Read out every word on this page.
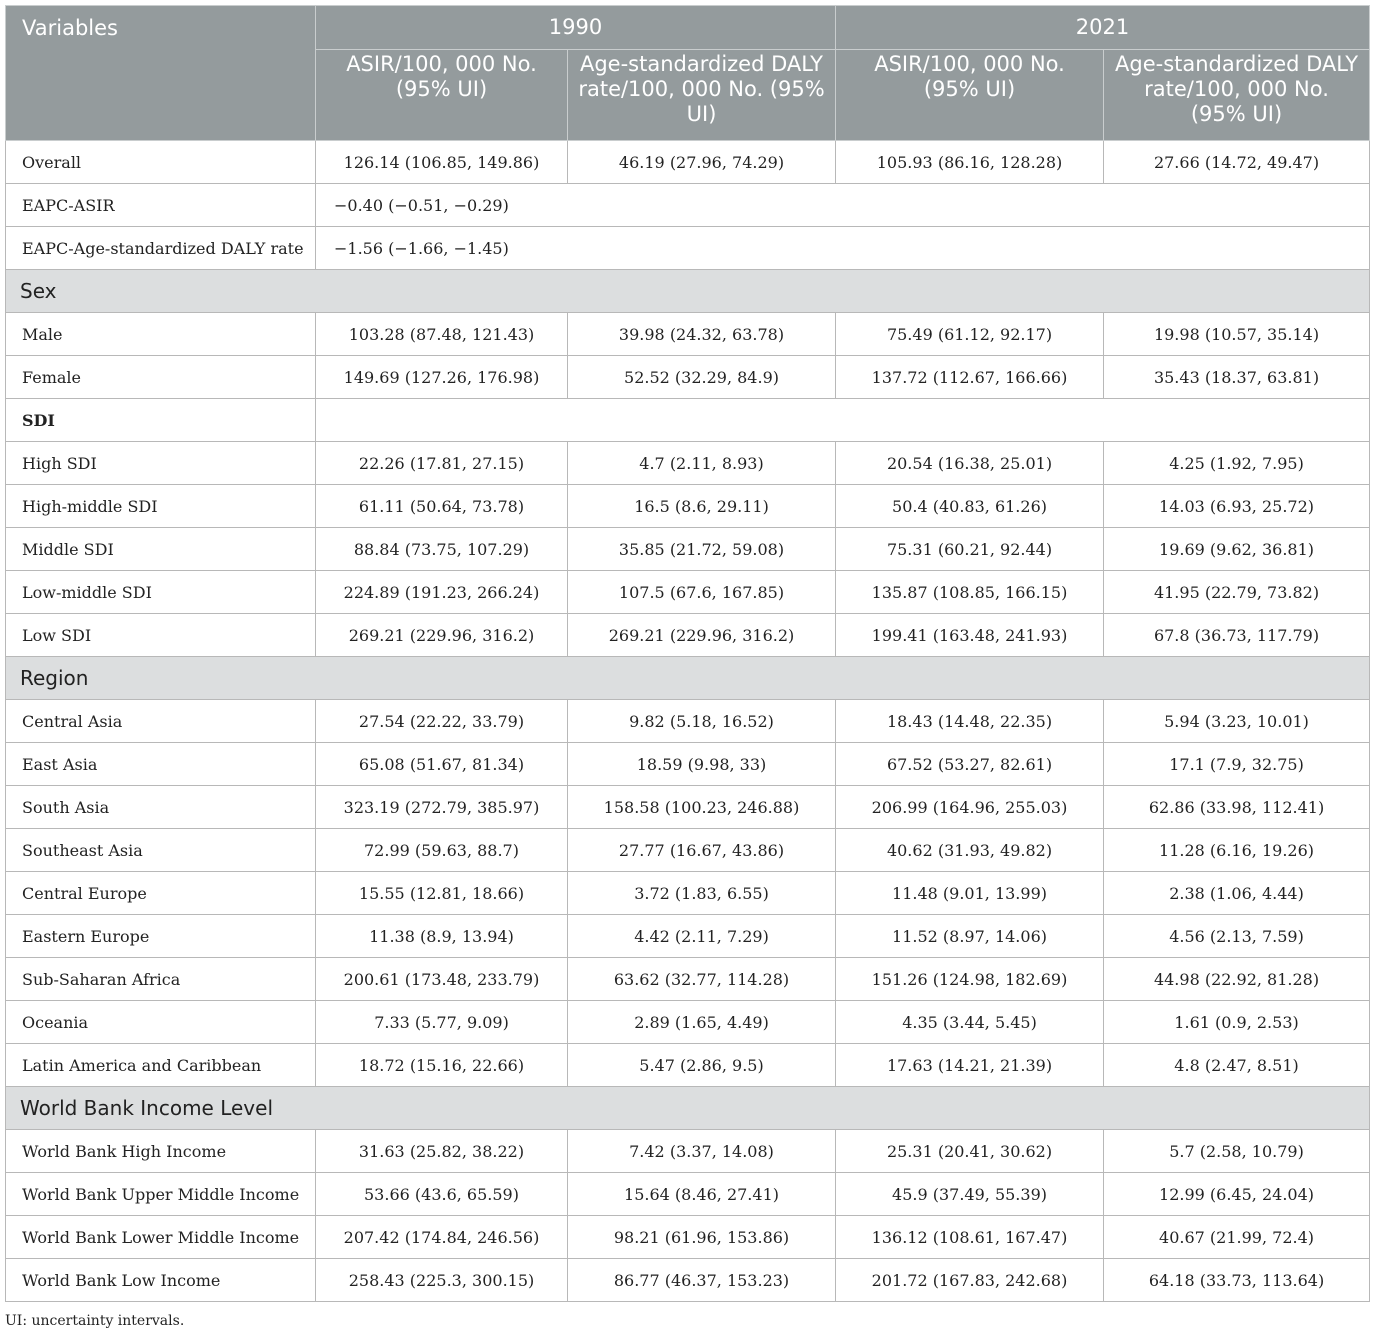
Variables	1990		2021	
	ASIR/100, 000 No. (95% UI)	Age-standardized DALY rate/100, 000 No. (95% UI)	ASIR/100, 000 No. (95% UI)	Age-standardized DALY rate/100, 000 No. (95% UI)
Overall	126.14 (106.85, 149.86)	46.19 (27.96, 74.29)	105.93 (86.16, 128.28)	27.66 (14.72, 49.47)
EAPC-ASIR	−0.40 (−0.51, −0.29)			
EAPC-Age-standardized DALY rate	−1.56 (−1.66, −1.45)			
Sex				
Male	103.28 (87.48, 121.43)	39.98 (24.32, 63.78)	75.49 (61.12, 92.17)	19.98 (10.57, 35.14)
Female	149.69 (127.26, 176.98)	52.52 (32.29, 84.9)	137.72 (112.67, 166.66)	35.43 (18.37, 63.81)
SDI				
High SDI	22.26 (17.81, 27.15)	4.7 (2.11, 8.93)	20.54 (16.38, 25.01)	4.25 (1.92, 7.95)
High-middle SDI	61.11 (50.64, 73.78)	16.5 (8.6, 29.11)	50.4 (40.83, 61.26)	14.03 (6.93, 25.72)
Middle SDI	88.84 (73.75, 107.29)	35.85 (21.72, 59.08)	75.31 (60.21, 92.44)	19.69 (9.62, 36.81)
Low-middle SDI	224.89 (191.23, 266.24)	107.5 (67.6, 167.85)	135.87 (108.85, 166.15)	41.95 (22.79, 73.82)
Low SDI	269.21 (229.96, 316.2)	269.21 (229.96, 316.2)	199.41 (163.48, 241.93)	67.8 (36.73, 117.79)
Region				
Central Asia	27.54 (22.22, 33.79)	9.82 (5.18, 16.52)	18.43 (14.48, 22.35)	5.94 (3.23, 10.01)
East Asia	65.08 (51.67, 81.34)	18.59 (9.98, 33)	67.52 (53.27, 82.61)	17.1 (7.9, 32.75)
South Asia	323.19 (272.79, 385.97)	158.58 (100.23, 246.88)	206.99 (164.96, 255.03)	62.86 (33.98, 112.41)
Southeast Asia	72.99 (59.63, 88.7)	27.77 (16.67, 43.86)	40.62 (31.93, 49.82)	11.28 (6.16, 19.26)
Central Europe	15.55 (12.81, 18.66)	3.72 (1.83, 6.55)	11.48 (9.01, 13.99)	2.38 (1.06, 4.44)
Eastern Europe	11.38 (8.9, 13.94)	4.42 (2.11, 7.29)	11.52 (8.97, 14.06)	4.56 (2.13, 7.59)
Sub-Saharan Africa	200.61 (173.48, 233.79)	63.62 (32.77, 114.28)	151.26 (124.98, 182.69)	44.98 (22.92, 81.28)
Oceania	7.33 (5.77, 9.09)	2.89 (1.65, 4.49)	4.35 (3.44, 5.45)	1.61 (0.9, 2.53)
Latin America and Caribbean	18.72 (15.16, 22.66)	5.47 (2.86, 9.5)	17.63 (14.21, 21.39)	4.8 (2.47, 8.51)
World Bank Income Level				
World Bank High Income	31.63 (25.82, 38.22)	7.42 (3.37, 14.08)	25.31 (20.41, 30.62)	5.7 (2.58, 10.79)
World Bank Upper Middle Income	53.66 (43.6, 65.59)	15.64 (8.46, 27.41)	45.9 (37.49, 55.39)	12.99 (6.45, 24.04)
World Bank Lower Middle Income	207.42 (174.84, 246.56)	98.21 (61.96, 153.86)	136.12 (108.61, 167.47)	40.67 (21.99, 72.4)
World Bank Low Income	258.43 (225.3, 300.15)	86.77 (46.37, 153.23)	201.72 (167.83, 242.68)	64.18 (33.73, 113.64)
UI: uncertainty intervals.
